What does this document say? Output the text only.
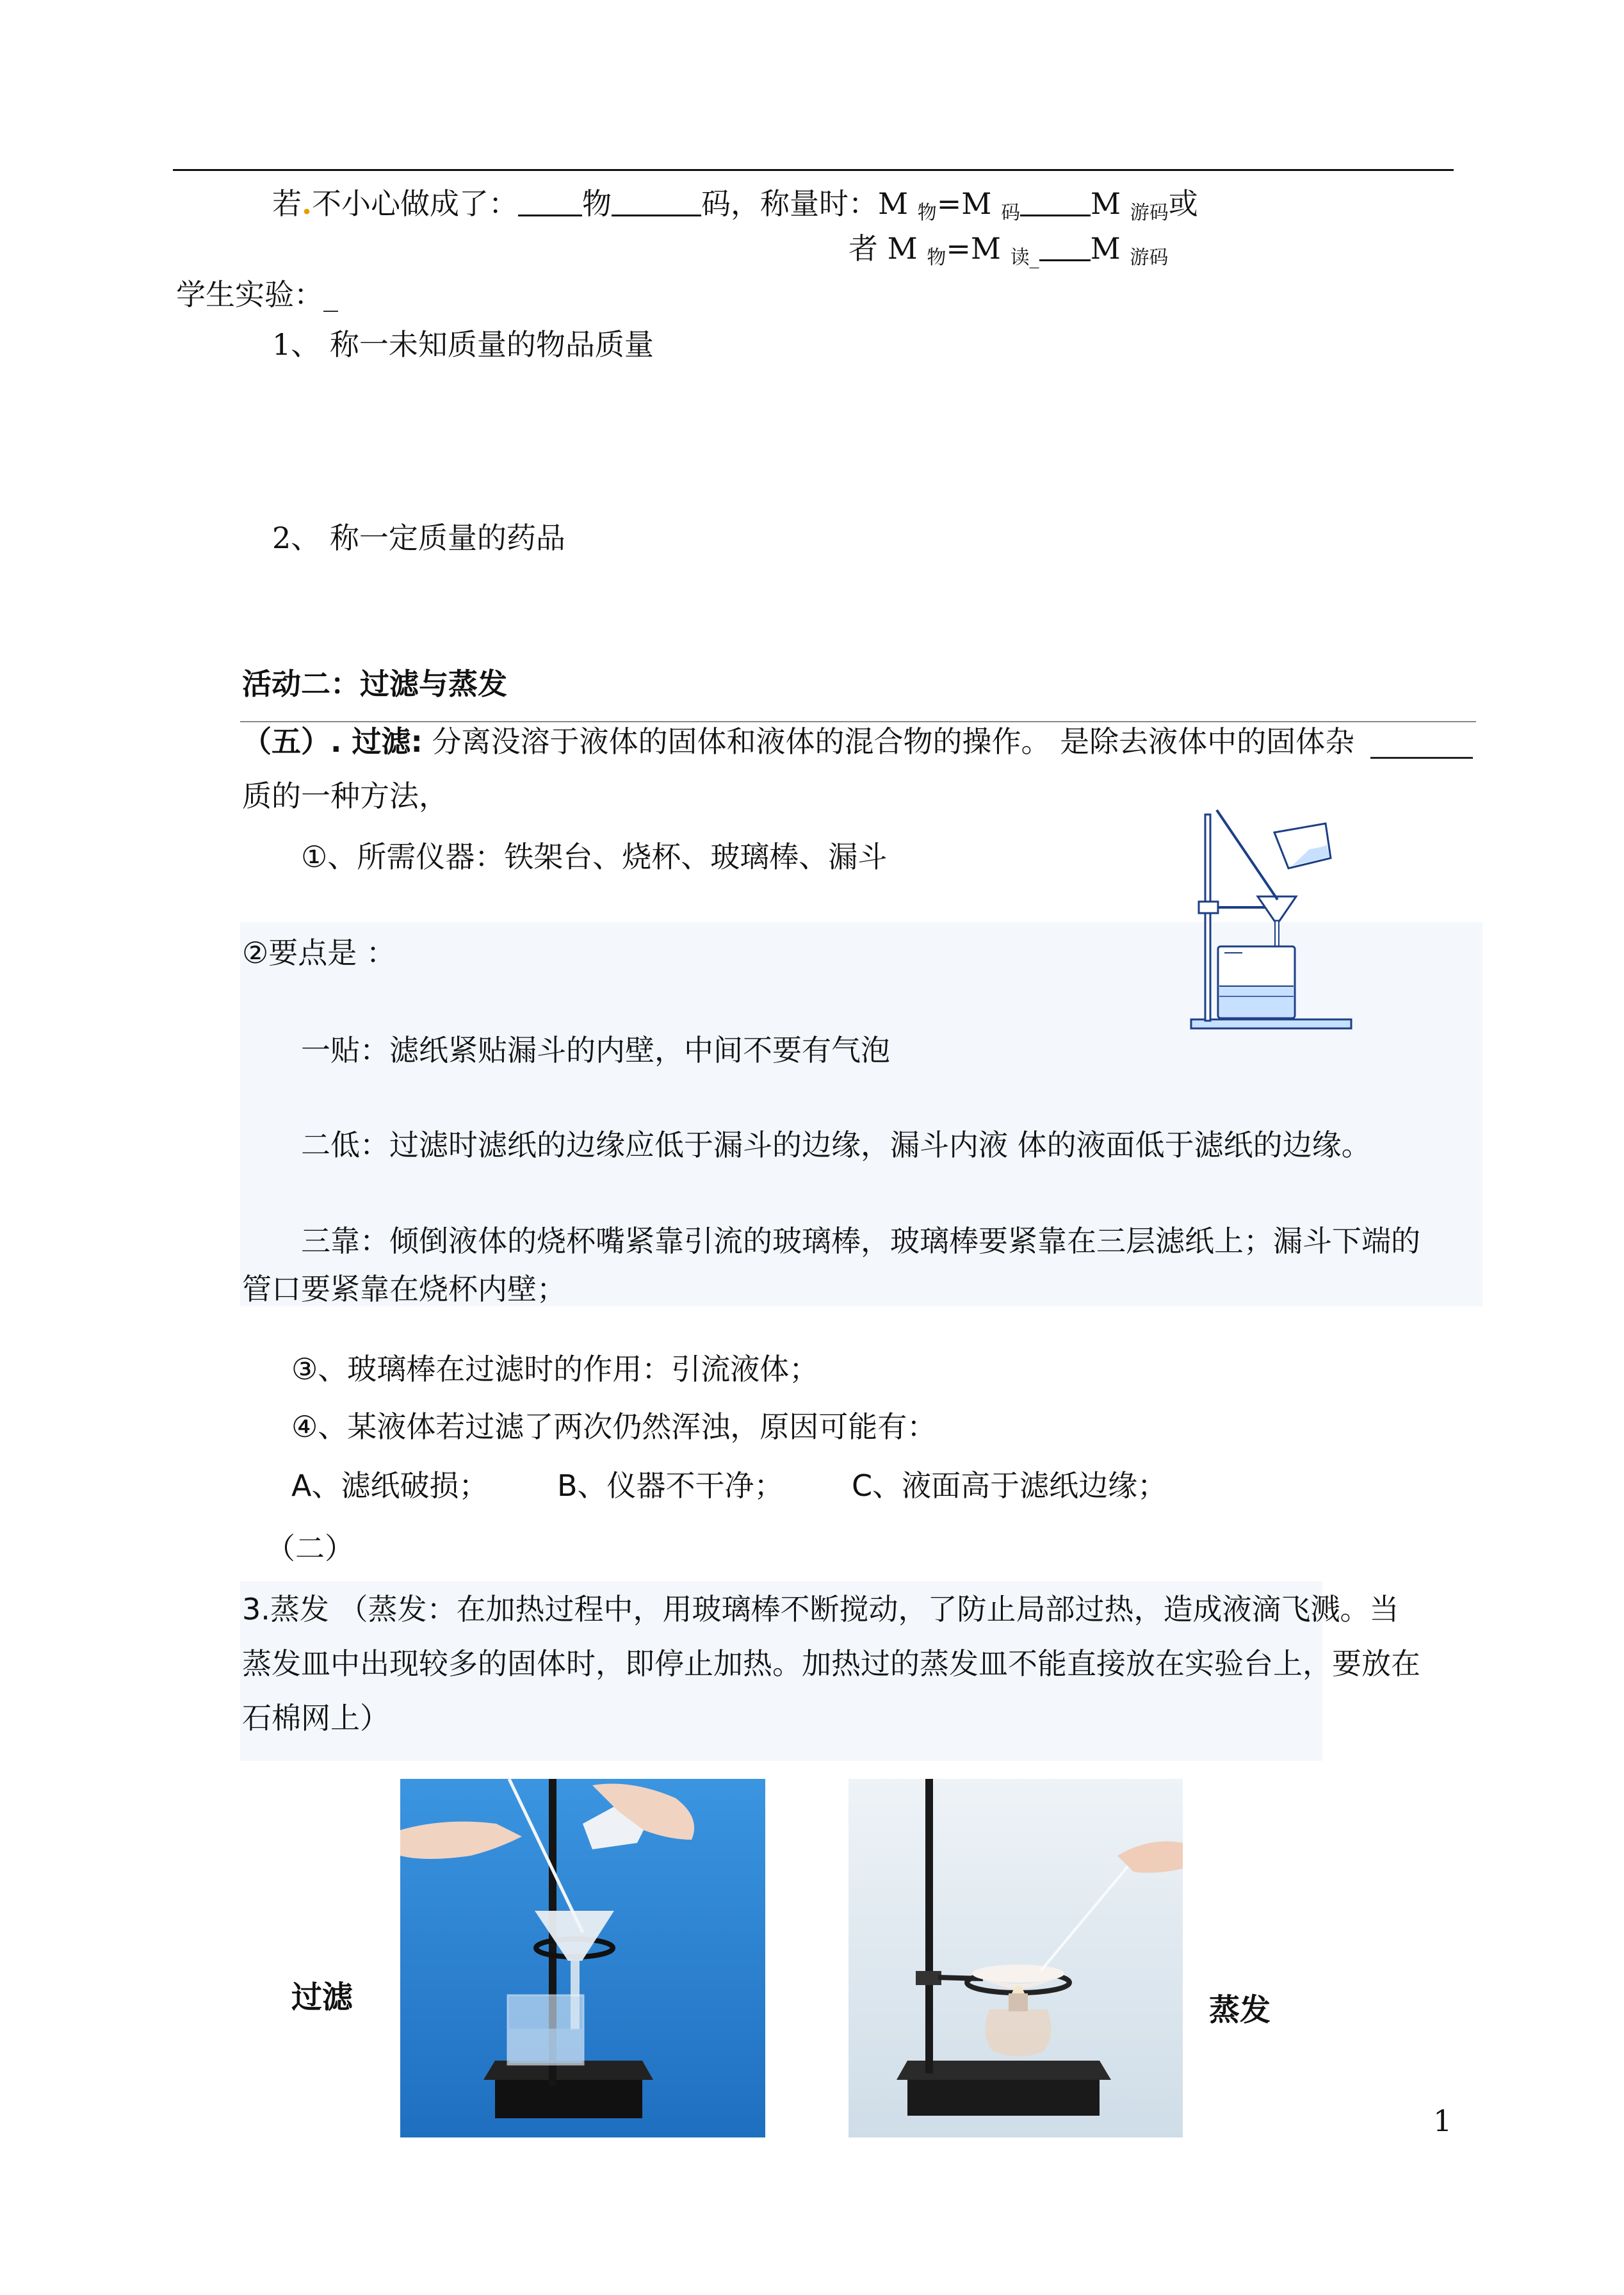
若.不小心做成了： 物	码，称量时：M $_物$=M $_码$ M $_{游码}$或
者 M $_物$=M $_{读\_}$ M $_{游码}$
学生实验：_
1、 称一未知质量的物品质量
2、 称一定质量的药品
活动二：过滤与蒸发
（五）. 过滤: 分离没溶于液体的固体和液体的混合物的操作。 是除去液体中的固体杂
质的一种方法，
①、所需仪器：铁架台、烧杯、玻璃棒、漏斗
②要点是 ：
一贴：滤纸紧贴漏斗的内壁，中间不要有气泡
二低：过滤时滤纸的边缘应低于漏斗的边缘，漏斗内液 体的液面低于滤纸的边缘。
三靠：倾倒液体的烧杯嘴紧靠引流的玻璃棒，玻璃棒要紧靠在三层滤纸上；漏斗下端的
管口要紧靠在烧杯内壁；
③、玻璃棒在过滤时的作用：引流液体；
④、某液体若过滤了两次仍然浑浊，原因可能有：
A、滤纸破损； B、仪器不干净； C、液面高于滤纸边缘；
（二）
3.蒸发 （蒸发：在加热过程中，用玻璃棒不断搅动，了防止局部过热，造成液滴飞溅。当
蒸发皿中出现较多的固体时，即停止加热。加热过的蒸发皿不能直接放在实验台上，要放在
石棉网上）
过滤	蒸发
1
